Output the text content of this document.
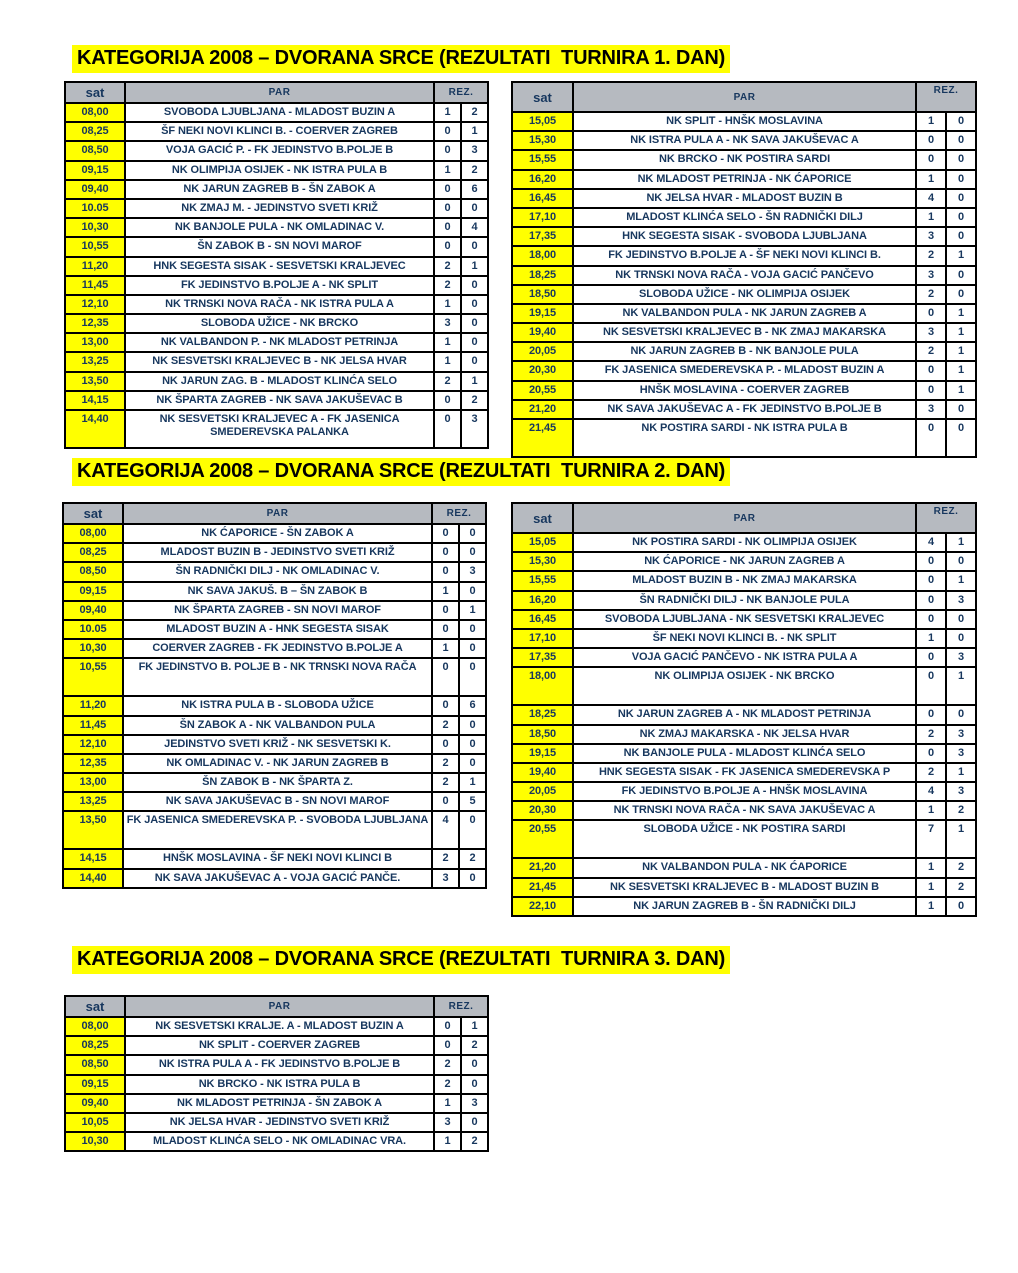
KATEGORIJA 2008 – DVORANA SRCE (REZULTATI  TURNIRA 1. DAN)
sat	PAR	REZ.	
08,00	SVOBODA LJUBLJANA - MLADOST BUZIN A	1	2
08,25	ŠF NEKI NOVI KLINCI B. - COERVER ZAGREB	0	1
08,50	VOJA GACIĆ P. - FK JEDINSTVO B.POLJE B	0	3
09,15	NK OLIMPIJA OSIJEK - NK ISTRA PULA B	1	2
09,40	NK JARUN ZAGREB B - ŠN ZABOK A	0	6
10.05	NK ZMAJ M. - JEDINSTVO SVETI KRIŽ	0	0
10,30	NK BANJOLE PULA - NK OMLADINAC V.	0	4
10,55	ŠN ZABOK B - SN NOVI MAROF	0	0
11,20	HNK SEGESTA SISAK - SESVETSKI KRALJEVEC	2	1
11,45	FK JEDINSTVO B.POLJE A - NK SPLIT	2	0
12,10	NK TRNSKI NOVA RAČA - NK ISTRA PULA A	1	0
12,35	SLOBODA UŽICE - NK BRCKO	3	0
13,00	NK VALBANDON P. - NK MLADOST PETRINJA	1	0
13,25	NK SESVETSKI KRALJEVEC B - NK JELSA HVAR	1	0
13,50	NK JARUN ZAG. B - MLADOST KLINĆA SELO	2	1
14,15	NK ŠPARTA ZAGREB - NK SAVA JAKUŠEVAC B	0	2
14,40	NK SESVETSKI KRALJEVEC A - FK JASENICA SMEDEREVSKA PALANKA	0	3
sat	PAR	REZ.	
15,05	NK SPLIT - HNŠK MOSLAVINA	1	0
15,30	NK ISTRA PULA A - NK SAVA JAKUŠEVAC A	0	0
15,55	NK BRCKO - NK POSTIRA SARDI	0	0
16,20	NK MLADOST PETRINJA - NK ĆAPORICE	1	0
16,45	NK JELSA HVAR - MLADOST BUZIN B	4	0
17,10	MLADOST KLINĆA SELO - ŠN RADNIČKI DILJ	1	0
17,35	HNK SEGESTA SISAK - SVOBODA LJUBLJANA	3	0
18,00	FK JEDINSTVO B.POLJE A - ŠF NEKI NOVI KLINCI B.	2	1
18,25	NK TRNSKI NOVA RAČA - VOJA GACIĆ PANČEVO	3	0
18,50	SLOBODA UŽICE - NK OLIMPIJA OSIJEK	2	0
19,15	NK VALBANDON PULA - NK JARUN ZAGREB A	0	1
19,40	NK SESVETSKI KRALJEVEC B - NK ZMAJ MAKARSKA	3	1
20,05	NK JARUN ZAGREB B - NK BANJOLE PULA	2	1
20,30	FK JASENICA SMEDEREVSKA P. - MLADOST BUZIN A	0	1
20,55	HNŠK MOSLAVINA - COERVER ZAGREB	0	1
21,20	NK SAVA JAKUŠEVAC A - FK JEDINSTVO B.POLJE B	3	0
21,45	NK POSTIRA SARDI - NK ISTRA PULA B	0	0
KATEGORIJA 2008 – DVORANA SRCE (REZULTATI  TURNIRA 2. DAN)
sat	PAR	REZ.	
08,00	NK ĆAPORICE - ŠN ZABOK A	0	0
08,25	MLADOST BUZIN B - JEDINSTVO SVETI KRIŽ	0	0
08,50	ŠN RADNIČKI DILJ - NK OMLADINAC V.	0	3
09,15	NK SAVA JAKUŠ. B – ŠN ZABOK B	1	0
09,40	NK ŠPARTA ZAGREB - SN NOVI MAROF	0	1
10.05	MLADOST BUZIN A - HNK SEGESTA SISAK	0	0
10,30	COERVER ZAGREB - FK JEDINSTVO B.POLJE A	1	0
10,55	FK JEDINSTVO B. POLJE B - NK TRNSKI NOVA RAČA	0	0
11,20	NK ISTRA PULA B - SLOBODA UŽICE	0	6
11,45	ŠN ZABOK A - NK VALBANDON PULA	2	0
12,10	JEDINSTVO SVETI KRIŽ - NK SESVETSKI K.	0	0
12,35	NK OMLADINAC V. - NK JARUN ZAGREB B	2	0
13,00	ŠN ZABOK B - NK ŠPARTA Z.	2	1
13,25	NK SAVA JAKUŠEVAC B - SN NOVI MAROF	0	5
13,50	FK JASENICA SMEDEREVSKA P. - SVOBODA LJUBLJANA	4	0
14,15	HNŠK MOSLAVINA - ŠF NEKI NOVI KLINCI B	2	2
14,40	NK SAVA JAKUŠEVAC A - VOJA GACIĆ PANČE.	3	0
sat	PAR	REZ.	
15,05	NK POSTIRA SARDI - NK OLIMPIJA OSIJEK	4	1
15,30	NK ĆAPORICE - NK JARUN ZAGREB A	0	0
15,55	MLADOST BUZIN B - NK ZMAJ MAKARSKA	0	1
16,20	ŠN RADNIČKI DILJ - NK BANJOLE PULA	0	3
16,45	SVOBODA LJUBLJANA - NK SESVETSKI KRALJEVEC	0	0
17,10	ŠF NEKI NOVI KLINCI B. - NK SPLIT	1	0
17,35	VOJA GACIĆ PANČEVO - NK ISTRA PULA A	0	3
18,00	NK OLIMPIJA OSIJEK - NK BRCKO	0	1
18,25	NK JARUN ZAGREB A - NK MLADOST PETRINJA	0	0
18,50	NK ZMAJ MAKARSKA - NK JELSA HVAR	2	3
19,15	NK BANJOLE PULA - MLADOST KLINĆA SELO	0	3
19,40	HNK SEGESTA SISAK - FK JASENICA SMEDEREVSKA P	2	1
20,05	FK JEDINSTVO B.POLJE A - HNŠK MOSLAVINA	4	3
20,30	NK TRNSKI NOVA RAČA - NK SAVA JAKUŠEVAC A	1	2
20,55	SLOBODA UŽICE - NK POSTIRA SARDI	7	1
21,20	NK VALBANDON PULA - NK ĆAPORICE	1	2
21,45	NK SESVETSKI KRALJEVEC B - MLADOST BUZIN B	1	2
22,10	NK JARUN ZAGREB B - ŠN RADNIČKI DILJ	1	0
KATEGORIJA 2008 – DVORANA SRCE (REZULTATI  TURNIRA 3. DAN)
sat	PAR	REZ.	
08,00	NK SESVETSKI KRALJE. A - MLADOST BUZIN A	0	1
08,25	NK SPLIT - COERVER ZAGREB	0	2
08,50	NK ISTRA PULA A - FK JEDINSTVO B.POLJE B	2	0
09,15	NK BRCKO - NK ISTRA PULA B	2	0
09,40	NK MLADOST PETRINJA - ŠN ZABOK A	1	3
10,05	NK JELSA HVAR - JEDINSTVO SVETI KRIŽ	3	0
10,30	MLADOST KLINĆA SELO - NK OMLADINAC VRA.	1	2
